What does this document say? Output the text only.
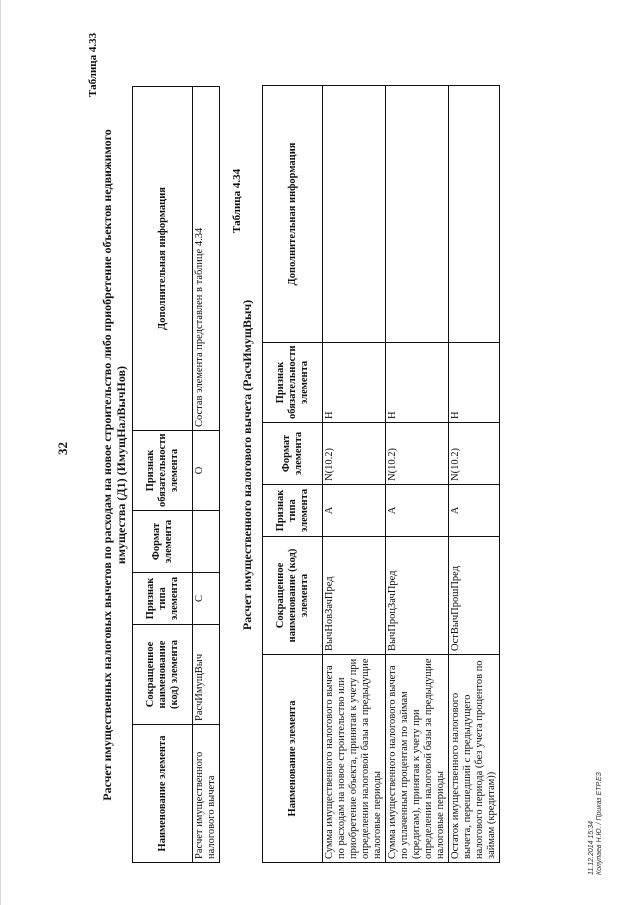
32
Таблица 4.33
Расчет имущественных налоговых вычетов по расходам на новое строительство либо приобретение объектов недвижимого имущества (Д1) (ИмущНалВычНов)
Наименование элемента	Сокращенное наименование (код) элемента	Признак типа элемента	Формат элемента	Признак обязательности элемента	Дополнительная информация
Расчет имущественного налогового вычета	РасчИмущВыч	С		О	Состав элемента представлен в таблице 4.34
Таблица 4.34
Расчет имущественного налогового вычета (РасчИмущВыч)
Наименование элемента	Сокращенное наименование (код) элемента	Признак типа элемента	Формат элемента	Признак обязательности элемента	Дополнительная информация
Сумма имущественного налогового вычета по расходам на новое строительство или приобретение объекта, принятая к учету при определении налоговой базы за предыдущие налоговые периоды	ВычНовЗачПред	А	N(10.2)	Н	
Сумма имущественного налогового вычета по уплаченным процентам по займам (кредитам), принятая к учету при определении налоговой базы за предыдущие налоговые периоды	ВычПроцЗачПред	А	N(10.2)	Н	
Остаток имущественного налогового вычета, перешедший с предыдущего налогового периода (без учета процентов по займам (кредитам))	ОстВычПрошПред	А	N(10.2)	Н	
11.12.2014 15:34 Колупаев Н.Ю. / Приказ ЕТР.ЕЗ
